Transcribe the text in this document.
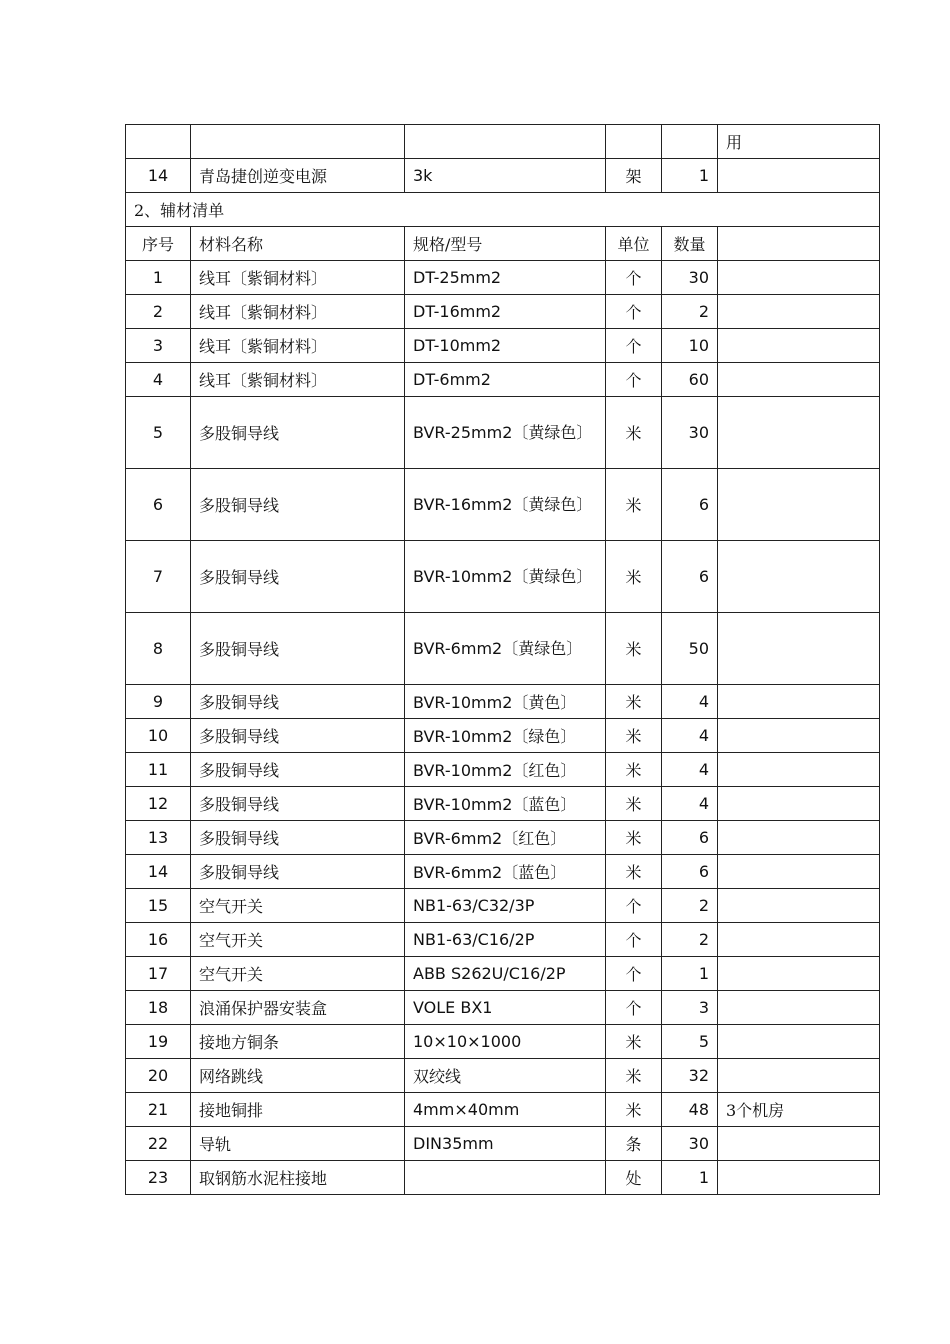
					用
14	青岛捷创逆变电源	3k	架	1	
2、辅材清单					
序号	材料名称	规格/型号	单位	数量	
1	线耳〔紫铜材料〕	DT-25mm2	个	30	
2	线耳〔紫铜材料〕	DT-16mm2	个	2	
3	线耳〔紫铜材料〕	DT-10mm2	个	10	
4	线耳〔紫铜材料〕	DT-6mm2	个	60	
5	多股铜导线	BVR-25mm2〔黄绿色〕	米	30	
6	多股铜导线	BVR-16mm2〔黄绿色〕	米	6	
7	多股铜导线	BVR-10mm2〔黄绿色〕	米	6	
8	多股铜导线	BVR-6mm2〔黄绿色〕	米	50	
9	多股铜导线	BVR-10mm2〔黄色〕	米	4	
10	多股铜导线	BVR-10mm2〔绿色〕	米	4	
11	多股铜导线	BVR-10mm2〔红色〕	米	4	
12	多股铜导线	BVR-10mm2〔蓝色〕	米	4	
13	多股铜导线	BVR-6mm2〔红色〕	米	6	
14	多股铜导线	BVR-6mm2〔蓝色〕	米	6	
15	空气开关	NB1-63/C32/3P	个	2	
16	空气开关	NB1-63/C16/2P	个	2	
17	空气开关	ABB S262U/C16/2P	个	1	
18	浪涌保护器安装盒	VOLE BX1	个	3	
19	接地方铜条	10×10×1000	米	5	
20	网络跳线	双绞线	米	32	
21	接地铜排	4mm×40mm	米	48	3个机房
22	导轨	DIN35mm	条	30	
23	取钢筋水泥柱接地		处	1	
